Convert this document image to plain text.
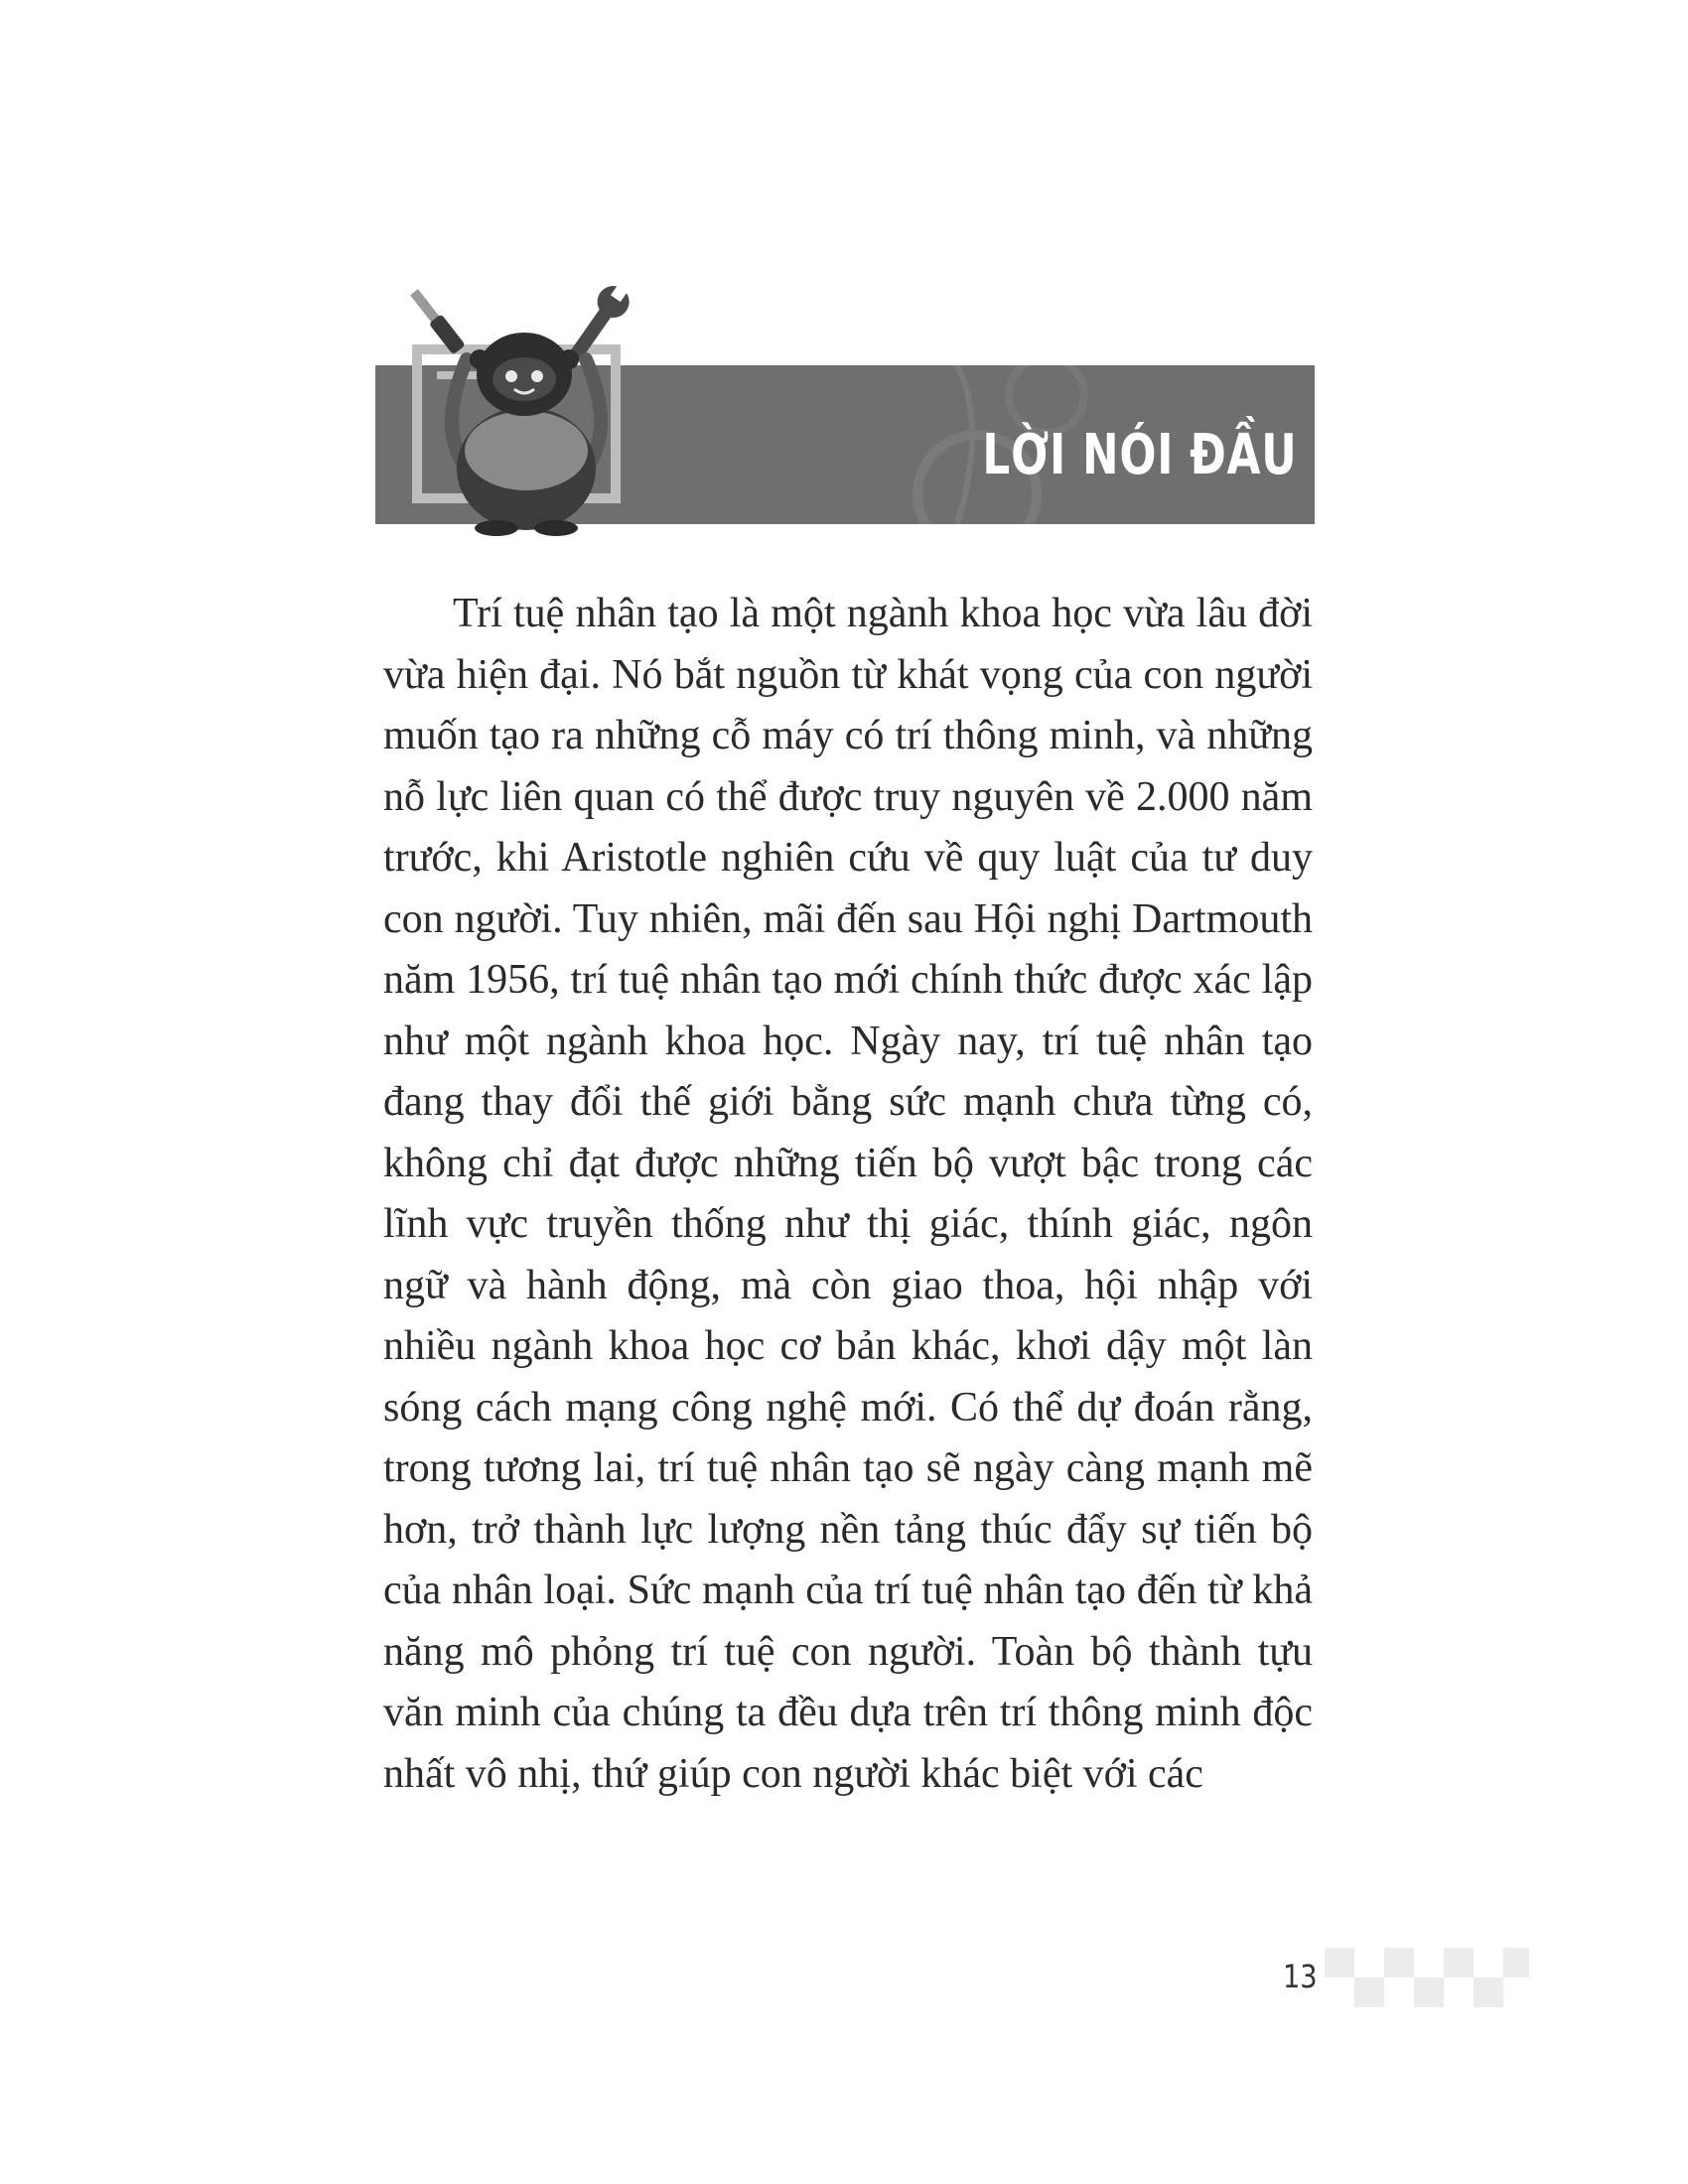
LỜI NÓI ĐẦU

Trí tuệ nhân tạo là một ngành khoa học vừa lâu đời vừa hiện đại. Nó bắt nguồn từ khát vọng của con người muốn tạo ra những cỗ máy có trí thông minh, và những nỗ lực liên quan có thể được truy nguyên về 2.000 năm trước, khi Aristotle nghiên cứu về quy luật của tư duy con người. Tuy nhiên, mãi đến sau Hội nghị Dartmouth năm 1956, trí tuệ nhân tạo mới chính thức được xác lập như một ngành khoa học. Ngày nay, trí tuệ nhân tạo đang thay đổi thế giới bằng sức mạnh chưa từng có, không chỉ đạt được những tiến bộ vượt bậc trong các lĩnh vực truyền thống như thị giác, thính giác, ngôn ngữ và hành động, mà còn giao thoa, hội nhập với nhiều ngành khoa học cơ bản khác, khơi dậy một làn sóng cách mạng công nghệ mới. Có thể dự đoán rằng, trong tương lai, trí tuệ nhân tạo sẽ ngày càng mạnh mẽ hơn, trở thành lực lượng nền tảng thúc đẩy sự tiến bộ của nhân loại. Sức mạnh của trí tuệ nhân tạo đến từ khả năng mô phỏng trí tuệ con người. Toàn bộ thành tựu văn minh của chúng ta đều dựa trên trí thông minh độc nhất vô nhị, thứ giúp con người khác biệt với các

13
